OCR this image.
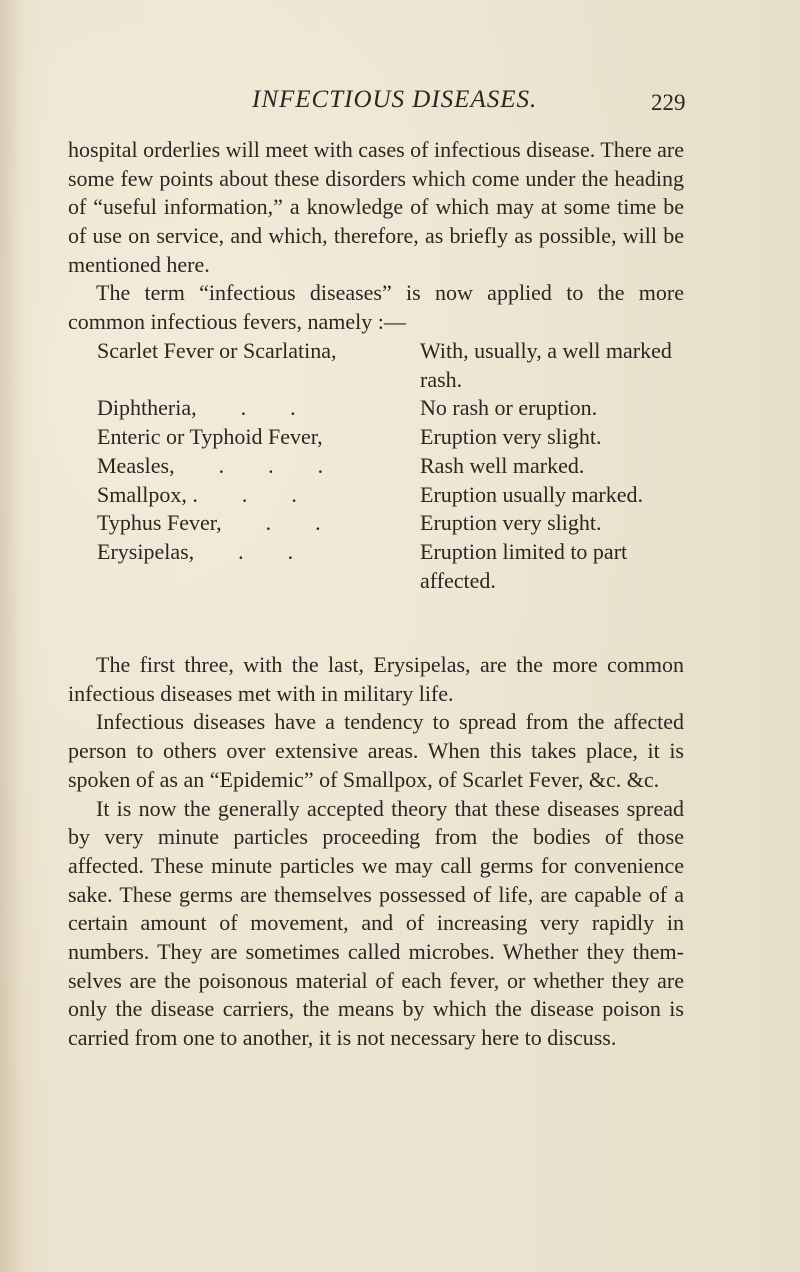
INFECTIOUS DISEASES.	229

hospital orderlies will meet with cases of infectious disease. There are some few points about these disorders which come under the heading of “useful information,” a knowledge of which may at some time be of use on service, and which, therefore, as briefly as possible, will be mentioned here.

The term “infectious diseases” is now applied to the more common infectious fevers, namely :—

Scarlet Fever or Scarlatina,	With, usually, a well marked rash.
Diphtheria,  .  .	No rash or eruption.
Enteric or Typhoid Fever,	Eruption very slight.
Measles,  .  .  .	Rash well marked.
Smallpox, .  .  .	Eruption usually marked.
Typhus Fever,  .  .	Eruption very slight.
Erysipelas,  .  .	Eruption limited to part affected.

The first three, with the last, Erysipelas, are the more common infectious diseases met with in military life.

Infectious diseases have a tendency to spread from the affected person to others over extensive areas. When this takes place, it is spoken of as an “Epidemic” of Smallpox, of Scarlet Fever, &c. &c.

It is now the generally accepted theory that these diseases spread by very minute particles proceeding from the bodies of those affected. These minute particles we may call germs for convenience sake. These germs are themselves possessed of life, are capable of a certain amount of movement, and of increasing very rapidly in numbers. They are sometimes called microbes. Whether they themselves are the poisonous material of each fever, or whether they are only the disease carriers, the means by which the disease poison is carried from one to another, it is not necessary here to discuss.
